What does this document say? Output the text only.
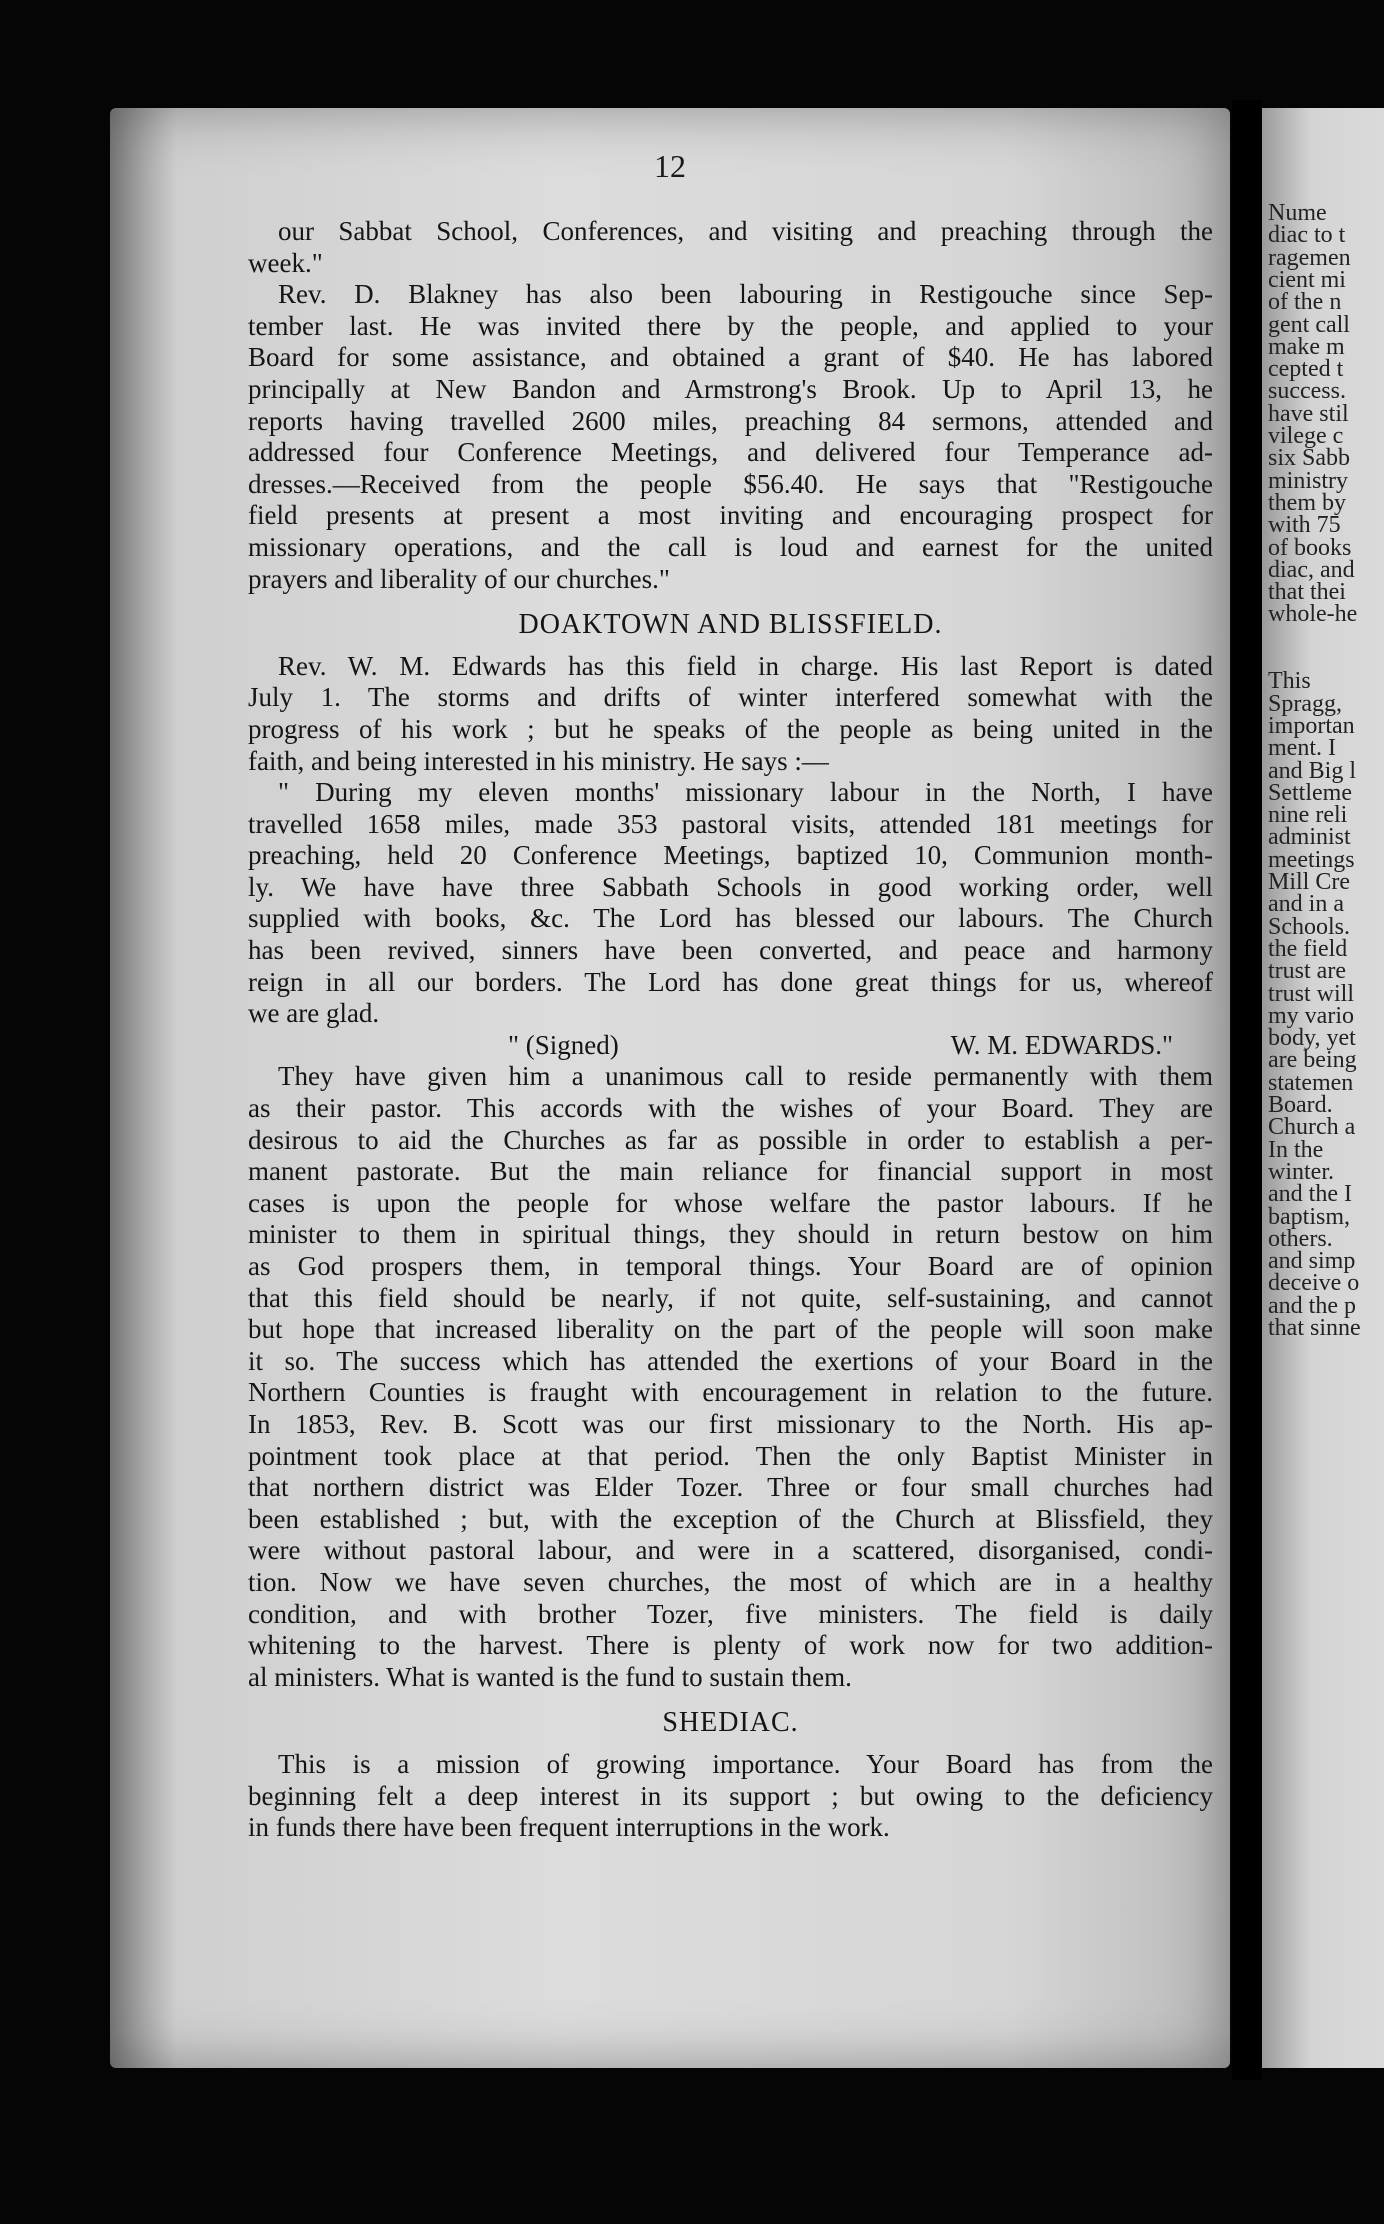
12
our Sabbat School, Conferences, and visiting and preaching through the
week."
Rev. D. Blakney has also been labouring in Restigouche since Sep-
tember last. He was invited there by the people, and applied to your
Board for some assistance, and obtained a grant of $40. He has labored
principally at New Bandon and Armstrong's Brook. Up to April 13, he
reports having travelled 2600 miles, preaching 84 sermons, attended and
addressed four Conference Meetings, and delivered four Temperance ad-
dresses.—Received from the people $56.40. He says that "Restigouche
field presents at present a most inviting and encouraging prospect for
missionary operations, and the call is loud and earnest for the united
prayers and liberality of our churches."
DOAKTOWN AND BLISSFIELD.
Rev. W. M. Edwards has this field in charge. His last Report is dated
July 1. The storms and drifts of winter interfered somewhat with the
progress of his work ; but he speaks of the people as being united in the
faith, and being interested in his ministry. He says :—
" During my eleven months' missionary labour in the North, I have
travelled 1658 miles, made 353 pastoral visits, attended 181 meetings for
preaching, held 20 Conference Meetings, baptized 10, Communion month-
ly. We have have three Sabbath Schools in good working order, well
supplied with books, &c. The Lord has blessed our labours. The Church
has been revived, sinners have been converted, and peace and harmony
reign in all our borders. The Lord has done great things for us, whereof
we are glad.
" (Signed)	W. M. EDWARDS."
They have given him a unanimous call to reside permanently with them
as their pastor. This accords with the wishes of your Board. They are
desirous to aid the Churches as far as possible in order to establish a per-
manent pastorate. But the main reliance for financial support in most
cases is upon the people for whose welfare the pastor labours. If he
minister to them in spiritual things, they should in return bestow on him
as God prospers them, in temporal things. Your Board are of opinion
that this field should be nearly, if not quite, self-sustaining, and cannot
but hope that increased liberality on the part of the people will soon make
it so. The success which has attended the exertions of your Board in the
Northern Counties is fraught with encouragement in relation to the future.
In 1853, Rev. B. Scott was our first missionary to the North. His ap-
pointment took place at that period. Then the only Baptist Minister in
that northern district was Elder Tozer. Three or four small churches had
been established ; but, with the exception of the Church at Blissfield, they
were without pastoral labour, and were in a scattered, disorganised, condi-
tion. Now we have seven churches, the most of which are in a healthy
condition, and with brother Tozer, five ministers. The field is daily
whitening to the harvest. There is plenty of work now for two addition-
al ministers. What is wanted is the fund to sustain them.
SHEDIAC.
This is a mission of growing importance. Your Board has from the
beginning felt a deep interest in its support ; but owing to the deficiency
in funds there have been frequent interruptions in the work.
Nume
diac to t
ragemen
cient mi
of the n
gent call
make m
cepted t
success.
have stil
vilege c
six Sabb
ministry
them by
with 75
of books
diac, and
that thei
whole-he
This
Spragg,
importan
ment. I
and Big l
Settleme
nine reli
administ
meetings
Mill Cre
and in a
Schools.
the field
trust are
trust will
my vario
body, yet
are being
statemen
Board.
Church a
In the
winter.
and the I
baptism,
others.
and simp
deceive o
and the p
that sinne
